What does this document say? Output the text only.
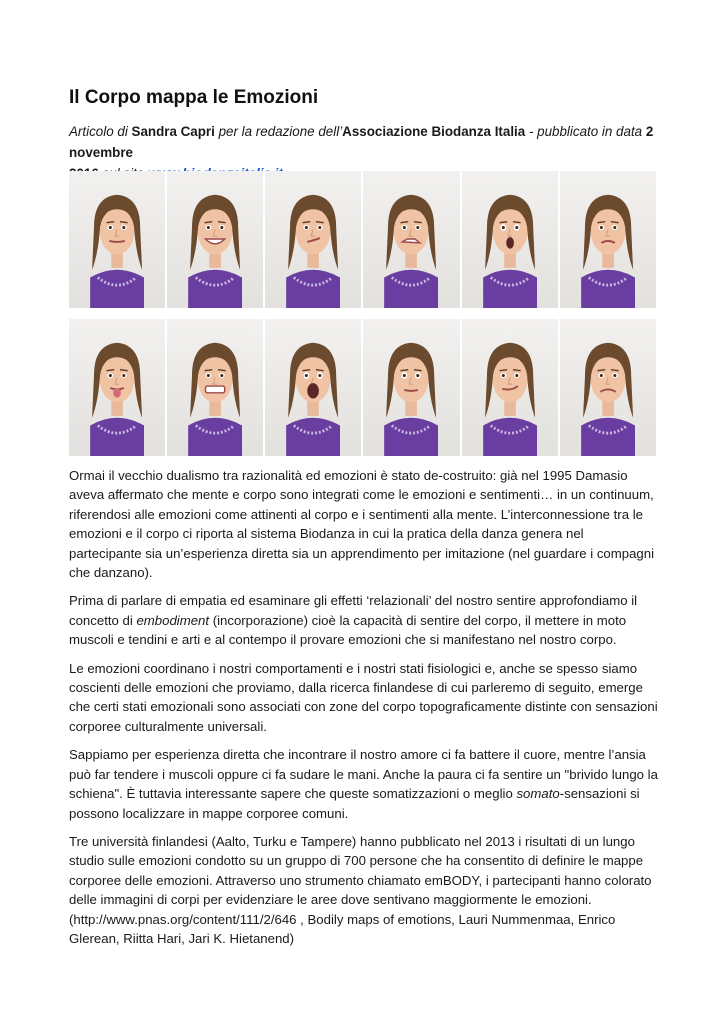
Il Corpo mappa le Emozioni
Articolo di Sandra Capri per la redazione dell’Associazione Biodanza Italia - pubblicato in data 2 novembre

Ormai il vecchio dualismo tra razionalità ed emozioni è stato de-costruito: già nel 1995 Damasio aveva affermato che mente e corpo sono integrati come le emozioni e sentimenti… in un continuum, riferendosi alle emozioni come attinenti al corpo e i sentimenti alla mente. L’interconnessione tra le emozioni e il corpo ci riporta al sistema Biodanza in cui la pratica della danza genera nel partecipante sia un’esperienza diretta sia un apprendimento per imitazione (nel guardare i compagni che danzano).

Prima di parlare di empatia ed esaminare gli effetti ‘relazionali’ del nostro sentire approfondiamo il concetto di embodiment (incorporazione) cioè la capacità di sentire del corpo, il mettere in moto muscoli e tendini e arti e al contempo il provare emozioni che si manifestano nel nostro corpo.

Le emozioni coordinano i nostri comportamenti e i nostri stati fisiologici e, anche se spesso siamo coscienti delle emozioni che proviamo, dalla ricerca finlandese di cui parleremo di seguito, emerge che certi stati emozionali sono associati con zone del corpo topograficamente distinte con sensazioni corporee culturalmente universali.

Sappiamo per esperienza diretta che incontrare il nostro amore ci fa battere il cuore, mentre l’ansia può far tendere i muscoli oppure ci fa sudare le mani. Anche la paura ci fa sentire un "brivido lungo la schiena". È tuttavia interessante sapere che queste somatizzazioni o meglio somato-sensazioni si possono localizzare in mappe corporee comuni.

Tre università finlandesi (Aalto, Turku e Tampere) hanno pubblicato nel 2013 i risultati di un lungo studio sulle emozioni condotto su un gruppo di 700 persone che ha consentito di definire le mappe corporee delle emozioni. Attraverso uno strumento chiamato emBODY, i partecipanti hanno colorato delle immagini di corpi per evidenziare le aree dove sentivano maggiormente le emozioni.
(http://www.pnas.org/content/111/2/646 , Bodily maps of emotions, Lauri Nummenmaa, Enrico Glerean, Riitta Hari, Jari K. Hietanend)
